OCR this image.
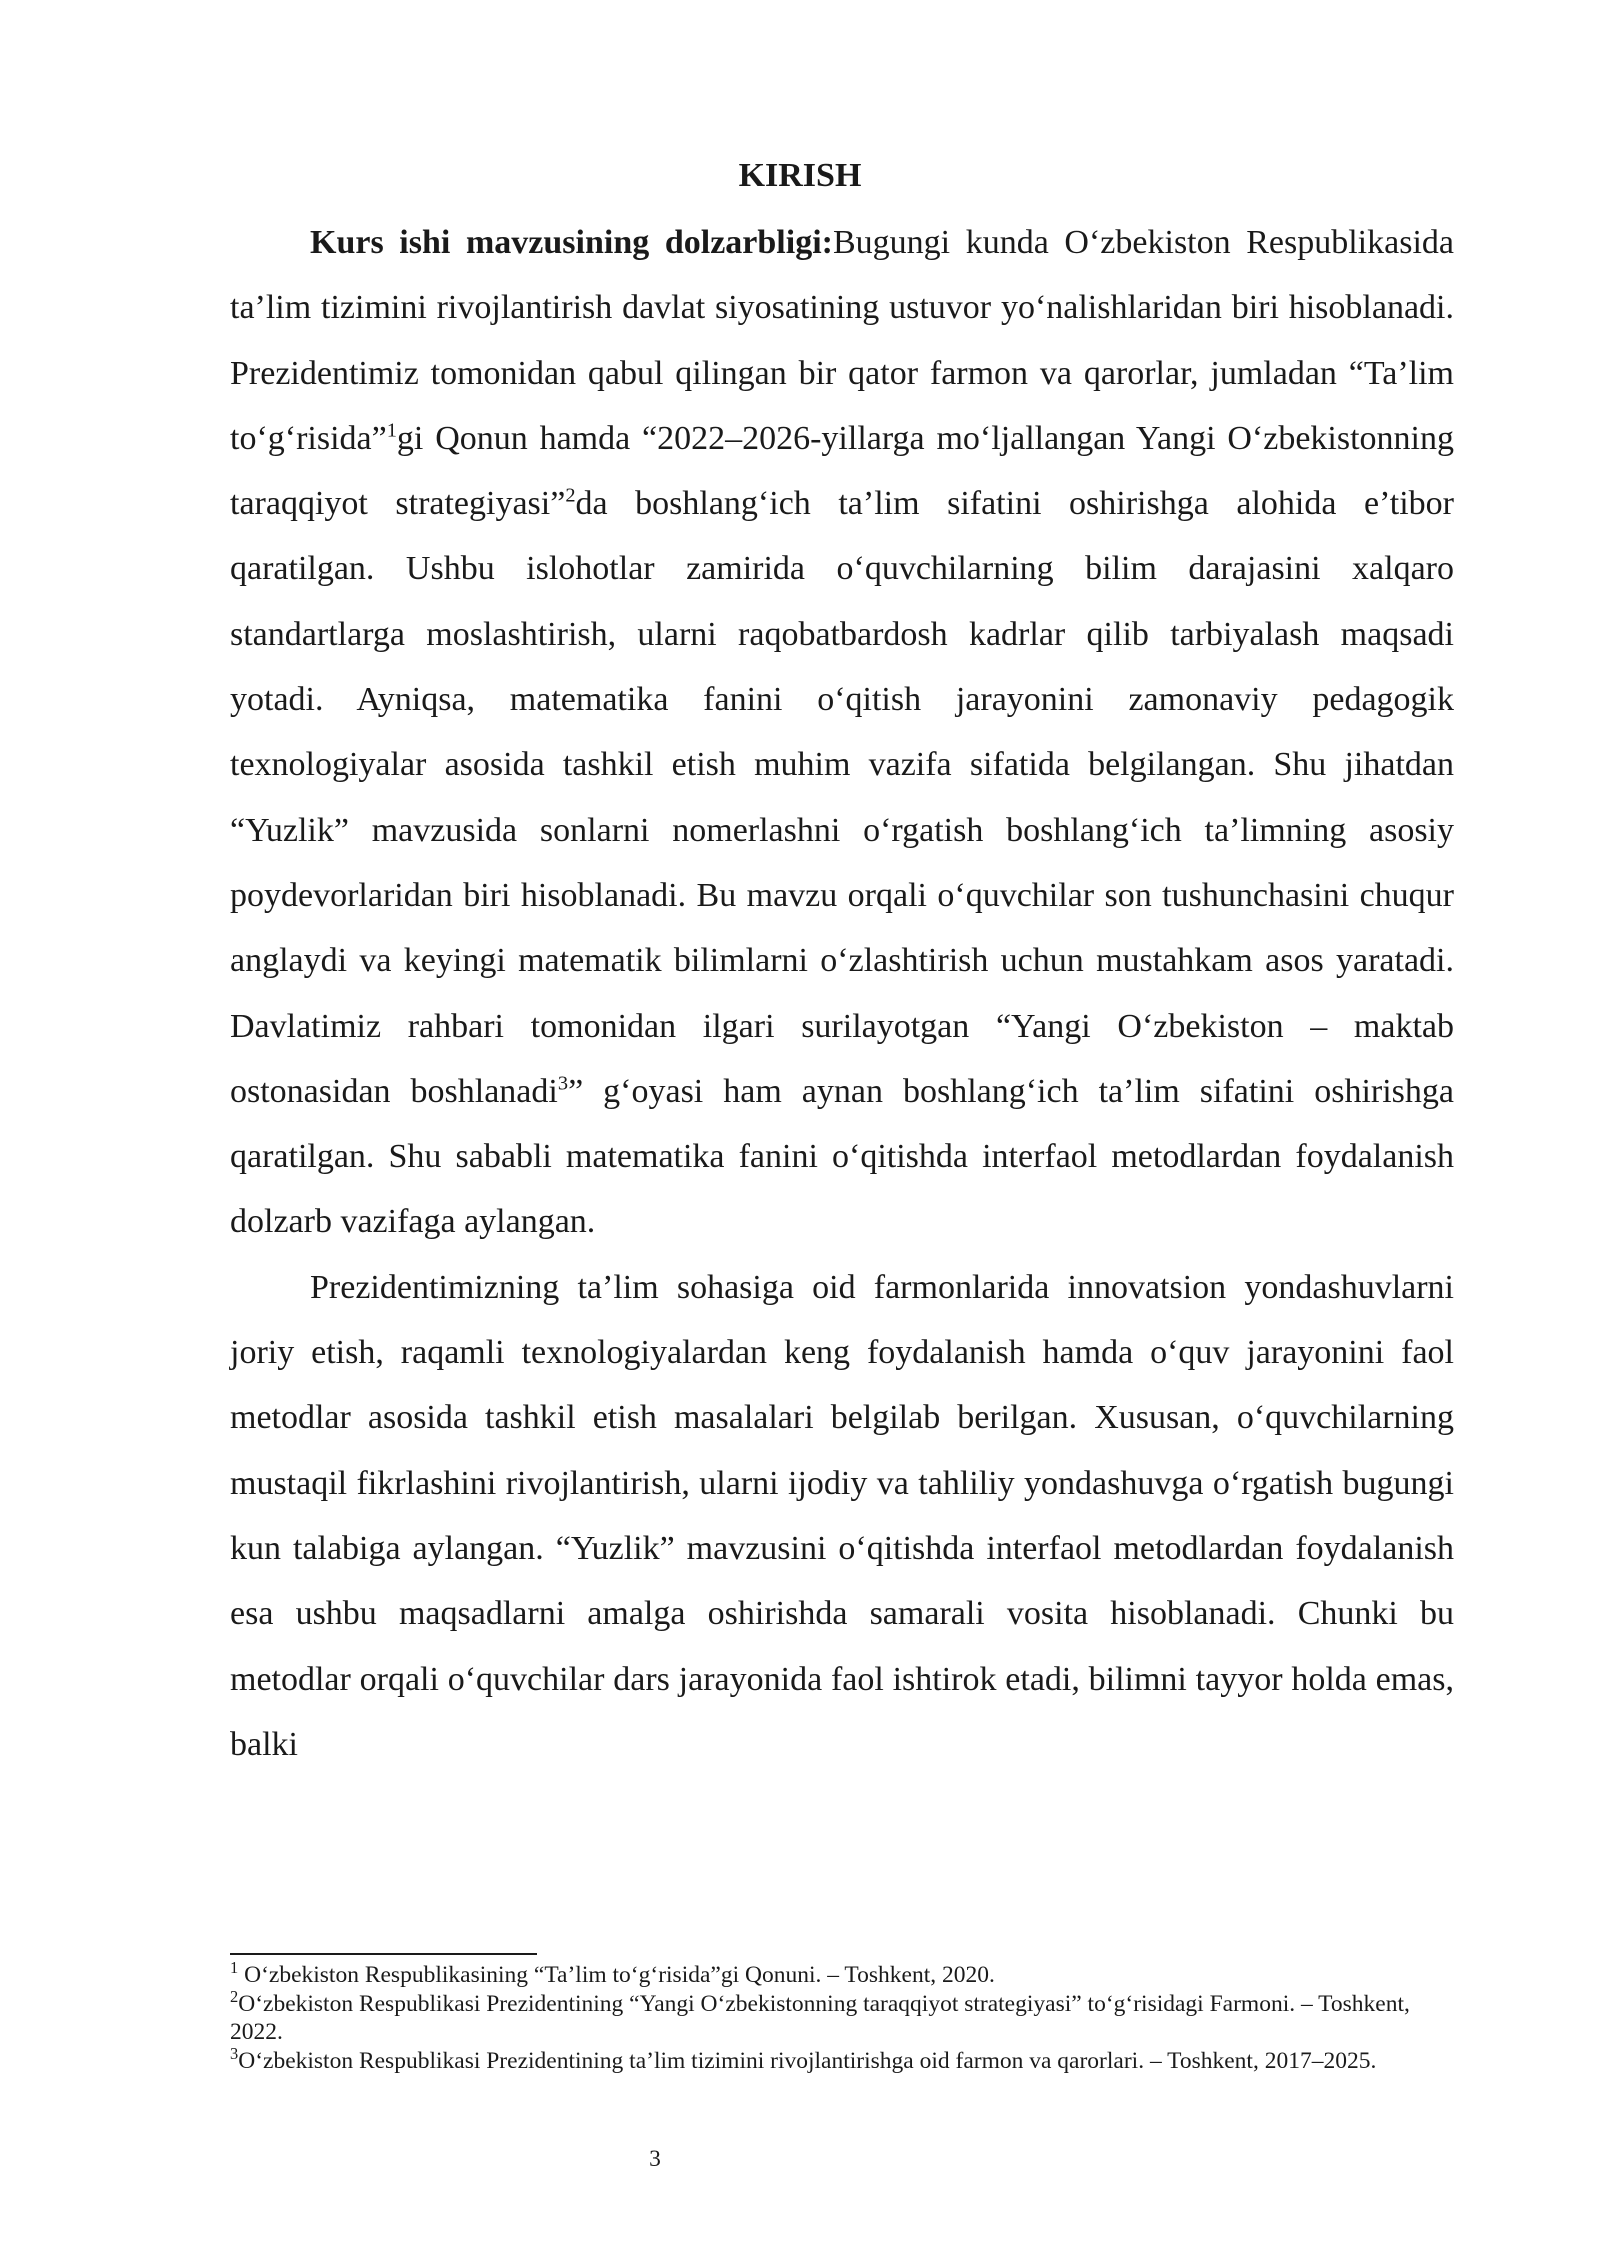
KIRISH

Kurs ishi mavzusining dolzarbligi:Bugungi kunda O‘zbekiston Respublikasida ta’lim tizimini rivojlantirish davlat siyosatining ustuvor yo‘nalishlaridan biri hisoblanadi. Prezidentimiz tomonidan qabul qilingan bir qator farmon va qarorlar, jumladan “Ta’lim to‘g‘risida”$^1$gi Qonun hamda “2022–2026-yillarga mo‘ljallangan Yangi O‘zbekistonning taraqqiyot strategiyasi”$^2$da boshlang‘ich ta’lim sifatini oshirishga alohida e’tibor qaratilgan. Ushbu islohotlar zamirida o‘quvchilarning bilim darajasini xalqaro standartlarga moslashtirish, ularni raqobatbardosh kadrlar qilib tarbiyalash maqsadi yotadi. Ayniqsa, matematika fanini o‘qitish jarayonini zamonaviy pedagogik texnologiyalar asosida tashkil etish muhim vazifa sifatida belgilangan. Shu jihatdan “Yuzlik” mavzusida sonlarni nomerlashni o‘rgatish boshlang‘ich ta’limning asosiy poydevorlaridan biri hisoblanadi. Bu mavzu orqali o‘quvchilar son tushunchasini chuqur anglaydi va keyingi matematik bilimlarni o‘zlashtirish uchun mustahkam asos yaratadi. Davlatimiz rahbari tomonidan ilgari surilayotgan “Yangi O‘zbekiston – maktab ostonasidan boshlanadi$^3$” g‘oyasi ham aynan boshlang‘ich ta’lim sifatini oshirishga qaratilgan. Shu sababli matematika fanini o‘qitishda interfaol metodlardan foydalanish dolzarb vazifaga aylangan.

Prezidentimizning ta’lim sohasiga oid farmonlarida innovatsion yondashuvlarni joriy etish, raqamli texnologiyalardan keng foydalanish hamda o‘quv jarayonini faol metodlar asosida tashkil etish masalalari belgilab berilgan. Xususan, o‘quvchilarning mustaqil fikrlashini rivojlantirish, ularni ijodiy va tahliliy yondashuvga o‘rgatish bugungi kun talabiga aylangan. “Yuzlik” mavzusini o‘qitishda interfaol metodlardan foydalanish esa ushbu maqsadlarni amalga oshirishda samarali vosita hisoblanadi. Chunki bu metodlar orqali o‘quvchilar dars jarayonida faol ishtirok etadi, bilimni tayyor holda emas, balki

$^1$ O‘zbekiston Respublikasining “Ta’lim to‘g‘risida”gi Qonuni. – Toshkent, 2020.

$^2$O‘zbekiston Respublikasi Prezidentining “Yangi O‘zbekistonning taraqqiyot strategiyasi” to‘g‘risidagi Farmoni. – Toshkent, 2022.

$^3$O‘zbekiston Respublikasi Prezidentining ta’lim tizimini rivojlantirishga oid farmon va qarorlari. – Toshkent, 2017–2025.

3
